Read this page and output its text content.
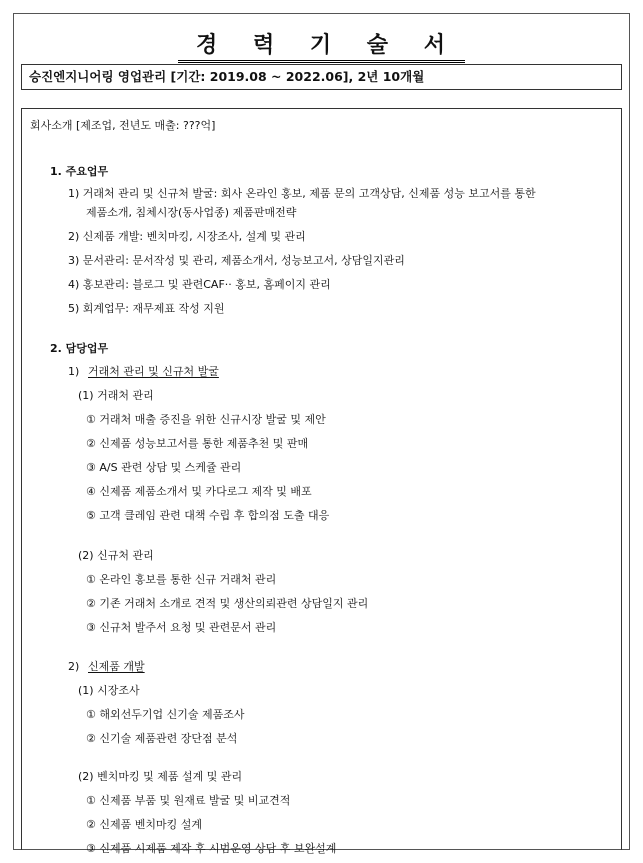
경 력 기 술 서
승진엔지니어링 영업관리 [기간: 2019.08 ~ 2022.06], 2년 10개월
회사소개 [제조업, 전년도 매출: ???억]
1. 주요업무
1) 거래처 관리 및 신규처 발굴: 회사 온라인 홍보, 제품 문의 고객상담, 신제품 성능 보고서를 통한
제품소개, 침체시장(동사업종) 제품판매전략
2) 신제품 개발: 벤치마킹, 시장조사, 설계 및 관리
3) 문서관리: 문서작성 및 관리, 제품소개서, 성능보고서, 상담일지관리
4) 홍보관리: 블로그 및 관련CAF·· 홍보, 홈페이지 관리
5) 회계업무: 재무제표 작성 지원
2. 담당업무
1) 거래처 관리 및 신규처 발굴
(1) 거래처 관리
① 거래처 매출 증진을 위한 신규시장 발굴 및 제안
② 신제품 성능보고서를 통한 제품추천 및 판매
③ A/S 관련 상담 및 스케쥴 관리
④ 신제품 제품소개서 및 카다로그 제작 및 배포
⑤ 고객 클레임 관련 대책 수립 후 합의점 도출 대응
(2) 신규처 관리
① 온라인 홍보를 통한 신규 거래처 관리
② 기존 거래처 소개로 견적 및 생산의뢰관련 상담일지 관리
③ 신규처 발주서 요청 및 관련문서 관리
2) 신제품 개발
(1) 시장조사
① 해외선두기업 신기술 제품조사
② 신기술 제품관련 장단점 분석
(2) 벤치마킹 및 제품 설계 및 관리
① 신제품 부품 및 원재료 발굴 및 비교견적
② 신제품 벤치마킹 설계
③ 신제품 시제품 제작 후 시범운영 상담 후 보완설계
